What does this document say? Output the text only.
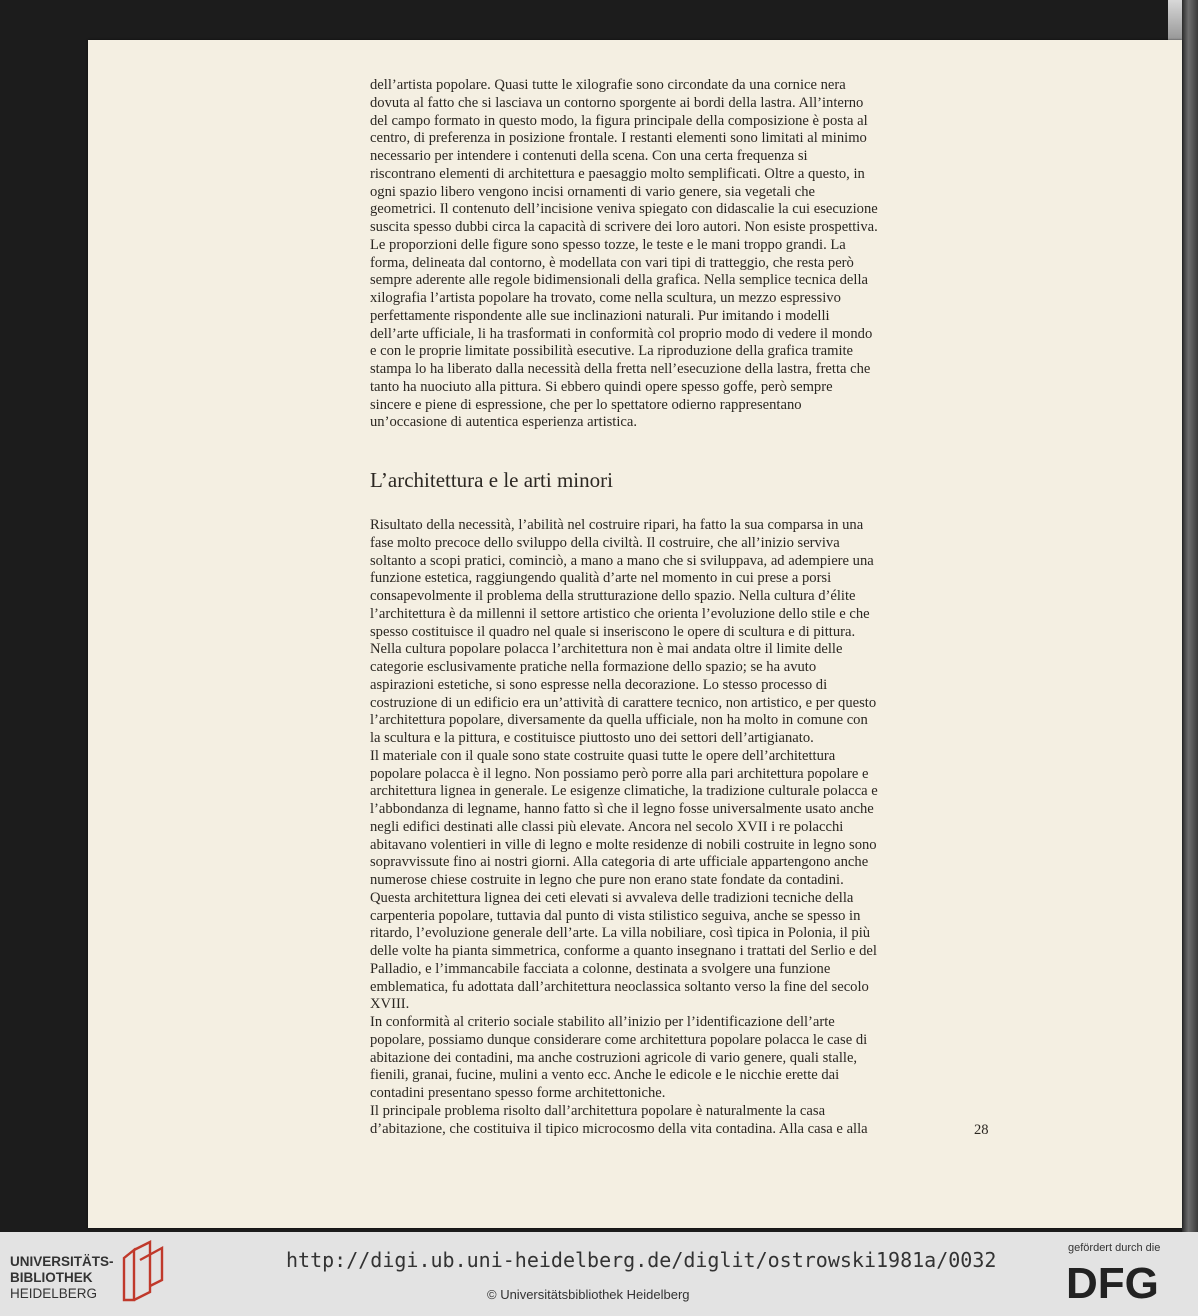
dell’artista popolare. Quasi tutte le xilografie sono circondate da una cornice nera
dovuta al fatto che si lasciava un contorno sporgente ai bordi della lastra. All’interno
del campo formato in questo modo, la figura principale della composizione è posta al
centro, di preferenza in posizione frontale. I restanti elementi sono limitati al minimo
necessario per intendere i contenuti della scena. Con una certa frequenza si
riscontrano elementi di architettura e paesaggio molto semplificati. Oltre a questo, in
ogni spazio libero vengono incisi ornamenti di vario genere, sia vegetali che
geometrici. Il contenuto dell’incisione veniva spiegato con didascalie la cui esecuzione
suscita spesso dubbi circa la capacità di scrivere dei loro autori. Non esiste prospettiva.
Le proporzioni delle figure sono spesso tozze, le teste e le mani troppo grandi. La
forma, delineata dal contorno, è modellata con vari tipi di tratteggio, che resta però
sempre aderente alle regole bidimensionali della grafica. Nella semplice tecnica della
xilografia l’artista popolare ha trovato, come nella scultura, un mezzo espressivo
perfettamente rispondente alle sue inclinazioni naturali. Pur imitando i modelli
dell’arte ufficiale, li ha trasformati in conformità col proprio modo di vedere il mondo
e con le proprie limitate possibilità esecutive. La riproduzione della grafica tramite
stampa lo ha liberato dalla necessità della fretta nell’esecuzione della lastra, fretta che
tanto ha nuociuto alla pittura. Si ebbero quindi opere spesso goffe, però sempre
sincere e piene di espressione, che per lo spettatore odierno rappresentano
un’occasione di autentica esperienza artistica.

L’architettura e le arti minori

Risultato della necessità, l’abilità nel costruire ripari, ha fatto la sua comparsa in una
fase molto precoce dello sviluppo della civiltà. Il costruire, che all’inizio serviva
soltanto a scopi pratici, cominciò, a mano a mano che si sviluppava, ad adempiere una
funzione estetica, raggiungendo qualità d’arte nel momento in cui prese a porsi
consapevolmente il problema della strutturazione dello spazio. Nella cultura d’élite
l’architettura è da millenni il settore artistico che orienta l’evoluzione dello stile e che
spesso costituisce il quadro nel quale si inseriscono le opere di scultura e di pittura.
Nella cultura popolare polacca l’architettura non è mai andata oltre il limite delle
categorie esclusivamente pratiche nella formazione dello spazio; se ha avuto
aspirazioni estetiche, si sono espresse nella decorazione. Lo stesso processo di
costruzione di un edificio era un’attività di carattere tecnico, non artistico, e per questo
l’architettura popolare, diversamente da quella ufficiale, non ha molto in comune con
la scultura e la pittura, e costituisce piuttosto uno dei settori dell’artigianato.
Il materiale con il quale sono state costruite quasi tutte le opere dell’architettura
popolare polacca è il legno. Non possiamo però porre alla pari architettura popolare e
architettura lignea in generale. Le esigenze climatiche, la tradizione culturale polacca e
l’abbondanza di legname, hanno fatto sì che il legno fosse universalmente usato anche
negli edifici destinati alle classi più elevate. Ancora nel secolo XVII i re polacchi
abitavano volentieri in ville di legno e molte residenze di nobili costruite in legno sono
sopravvissute fino ai nostri giorni. Alla categoria di arte ufficiale appartengono anche
numerose chiese costruite in legno che pure non erano state fondate da contadini.
Questa architettura lignea dei ceti elevati si avvaleva delle tradizioni tecniche della
carpenteria popolare, tuttavia dal punto di vista stilistico seguiva, anche se spesso in
ritardo, l’evoluzione generale dell’arte. La villa nobiliare, così tipica in Polonia, il più
delle volte ha pianta simmetrica, conforme a quanto insegnano i trattati del Serlio e del
Palladio, e l’immancabile facciata a colonne, destinata a svolgere una funzione
emblematica, fu adottata dall’architettura neoclassica soltanto verso la fine del secolo
XVIII.
In conformità al criterio sociale stabilito all’inizio per l’identificazione dell’arte
popolare, possiamo dunque considerare come architettura popolare polacca le case di
abitazione dei contadini, ma anche costruzioni agricole di vario genere, quali stalle,
fienili, granai, fucine, mulini a vento ecc. Anche le edicole e le nicchie erette dai
contadini presentano spesso forme architettoniche.
Il principale problema risolto dall’architettura popolare è naturalmente la casa
d’abitazione, che costituiva il tipico microcosmo della vita contadina. Alla casa e alla	28
UNIVERSITÄTS-
BIBLIOTHEK
HEIDELBERG
http://digi.ub.uni-heidelberg.de/diglit/ostrowski1981a/0032
© Universitätsbibliothek Heidelberg
gefördert durch die
DFG
